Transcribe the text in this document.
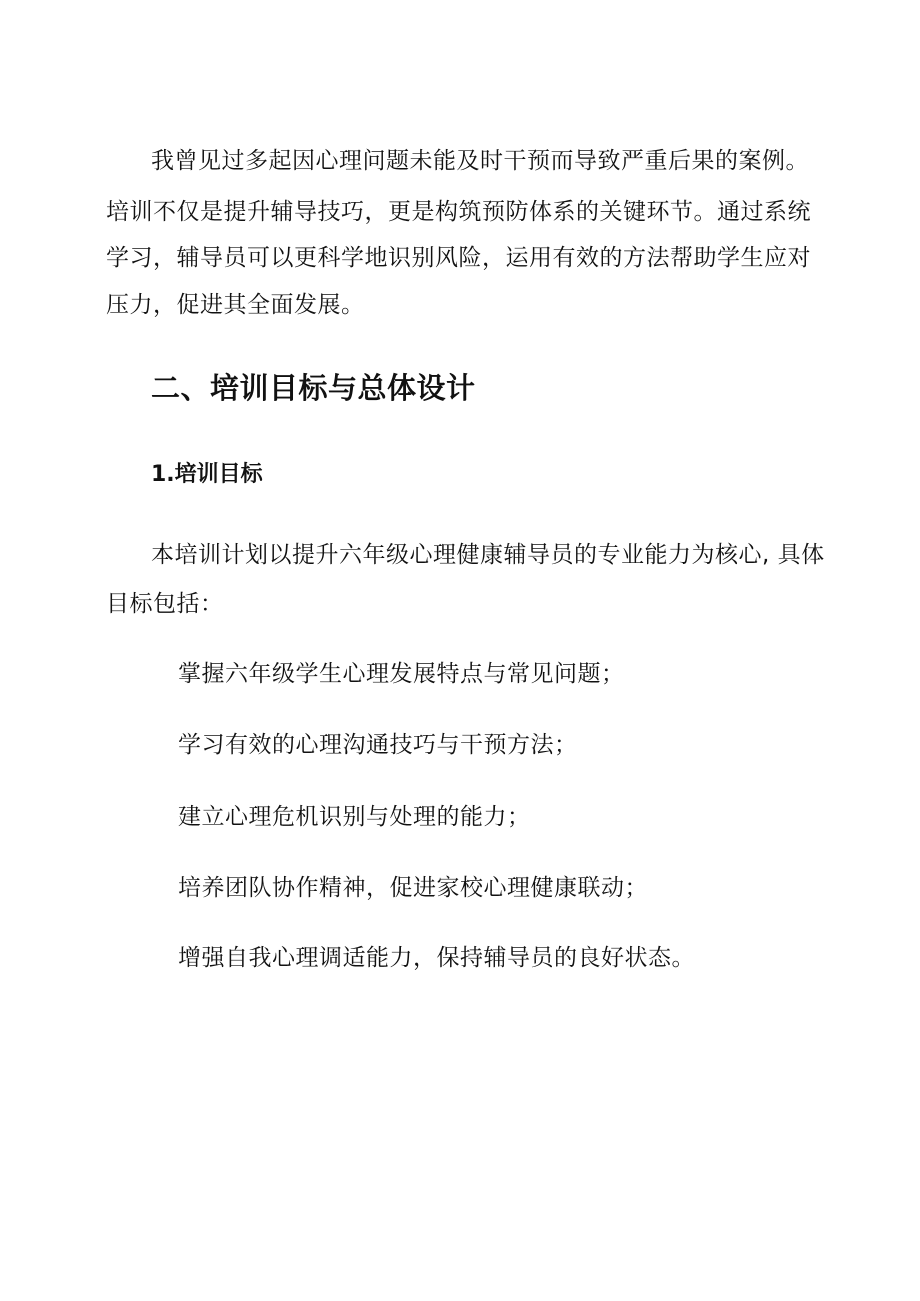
我曾见过多起因心理问题未能及时干预而导致严重后果的案例。
培训不仅是提升辅导技巧，更是构筑预防体系的关键环节。通过系统
学习，辅导员可以更科学地识别风险，运用有效的方法帮助学生应对
压力，促进其全面发展。
二、培训目标与总体设计
1.培训目标
本培训计划以提升六年级心理健康辅导员的专业能力为核心, 具体
目标包括：
掌握六年级学生心理发展特点与常见问题；
学习有效的心理沟通技巧与干预方法；
建立心理危机识别与处理的能力；
培养团队协作精神，促进家校心理健康联动；
增强自我心理调适能力，保持辅导员的良好状态。
